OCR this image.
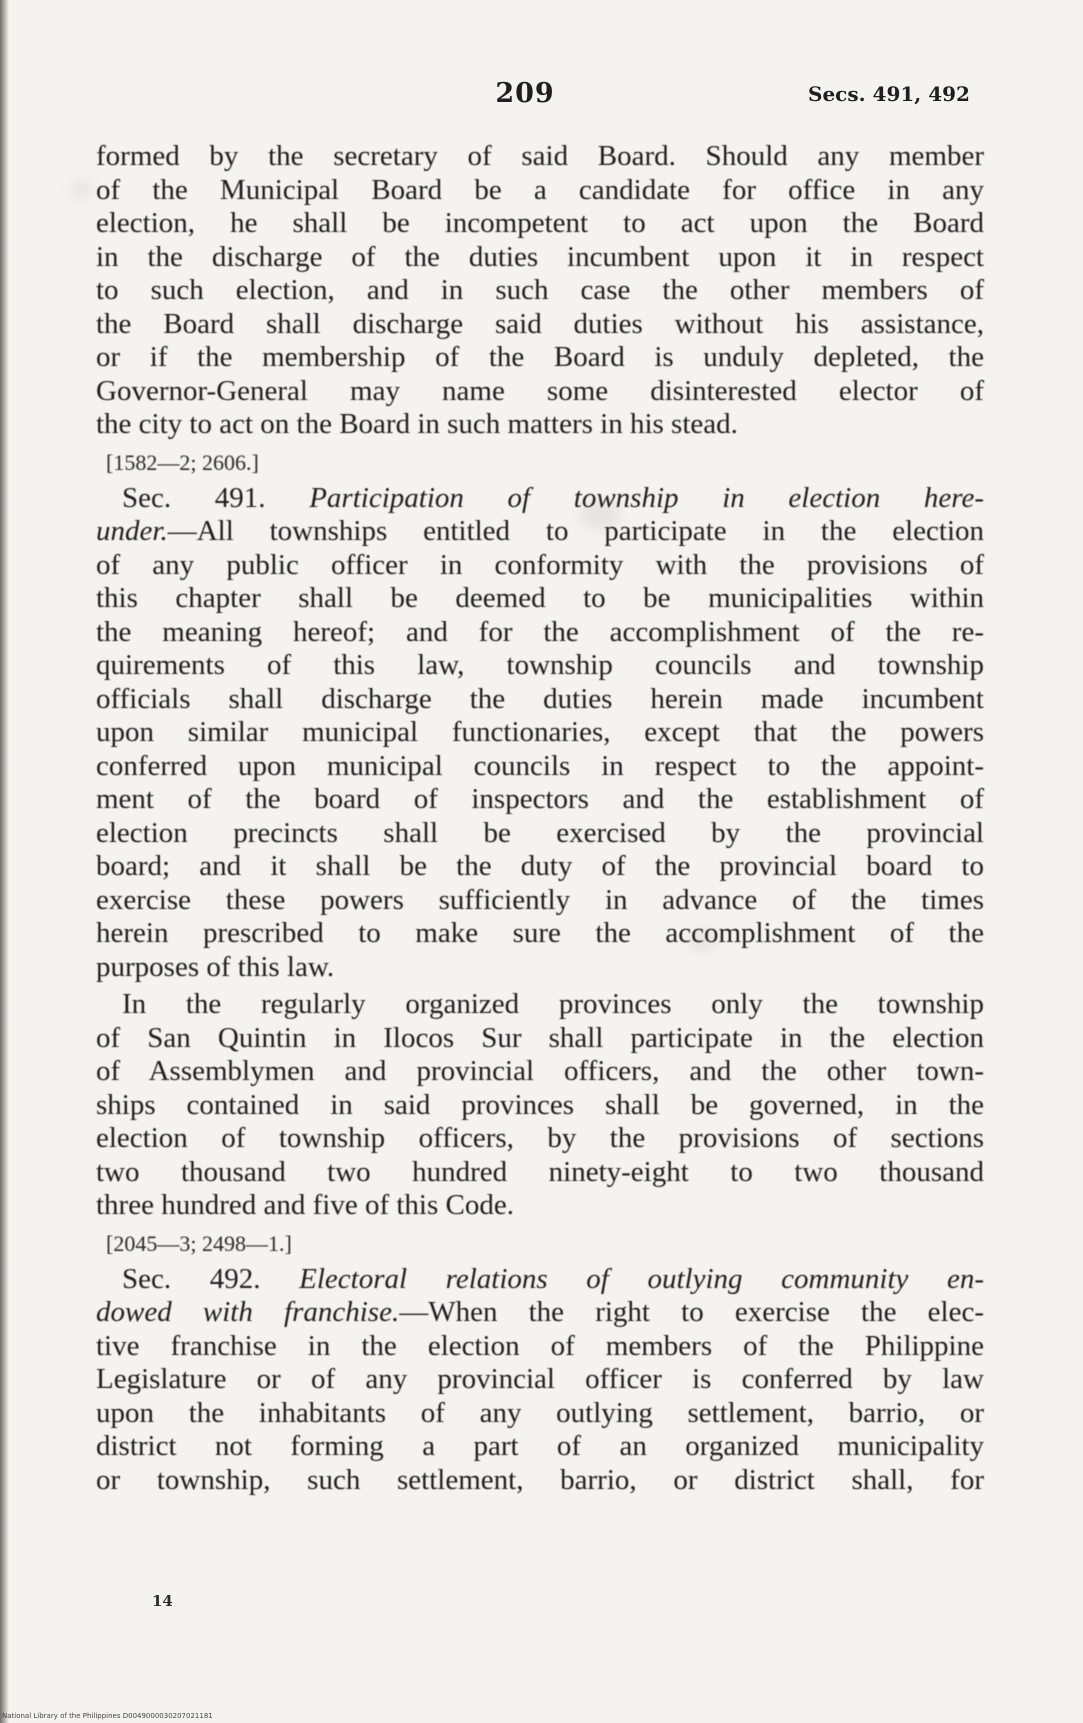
209	Secs. 491, 492
formed by the secretary of said Board. Should any member
of the Municipal Board be a candidate for office in any
election, he shall be incompetent to act upon the Board
in the discharge of the duties incumbent upon it in respect
to such election, and in such case the other members of
the Board shall discharge said duties without his assistance,
or if the membership of the Board is unduly depleted, the
Governor-General may name some disinterested elector of
the city to act on the Board in such matters in his stead.
[1582—2; 2606.]
Sec. 491. Participation of township in election here-
under.—All townships entitled to participate in the election
of any public officer in conformity with the provisions of
this chapter shall be deemed to be municipalities within
the meaning hereof; and for the accomplishment of the re-
quirements of this law, township councils and township
officials shall discharge the duties herein made incumbent
upon similar municipal functionaries, except that the powers
conferred upon municipal councils in respect to the appoint-
ment of the board of inspectors and the establishment of
election precincts shall be exercised by the provincial
board; and it shall be the duty of the provincial board to
exercise these powers sufficiently in advance of the times
herein prescribed to make sure the accomplishment of the
purposes of this law.
In the regularly organized provinces only the township
of San Quintin in Ilocos Sur shall participate in the election
of Assemblymen and provincial officers, and the other town-
ships contained in said provinces shall be governed, in the
election of township officers, by the provisions of sections
two thousand two hundred ninety-eight to two thousand
three hundred and five of this Code.
[2045—3; 2498—1.]
Sec. 492. Electoral relations of outlying community en-
dowed with franchise.—When the right to exercise the elec-
tive franchise in the election of members of the Philippine
Legislature or of any provincial officer is conferred by law
upon the inhabitants of any outlying settlement, barrio, or
district not forming a part of an organized municipality
or township, such settlement, barrio, or district shall, for
14
National Library of the Philippines D0049000030207021181
